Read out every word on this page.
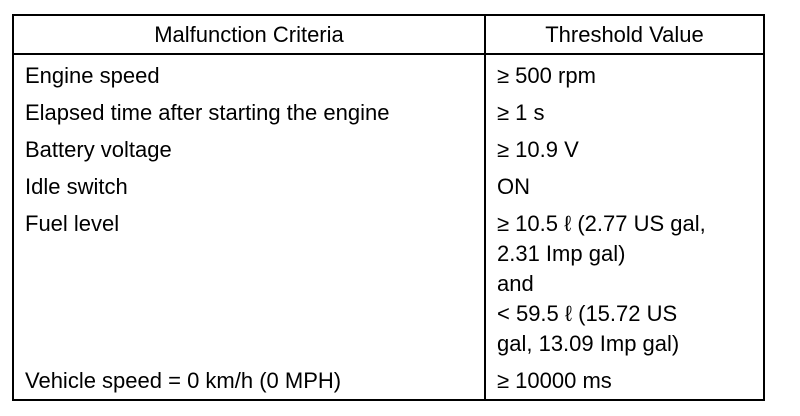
Malfunction Criteria	Threshold Value
Engine speed	≥ 500 rpm

Elapsed time after starting the engine	≥ 1 s

Battery voltage	≥ 10.9 V

Idle switch	ON

Fuel level	≥ 10.5 ℓ (2.77 US gal,
2.31 Imp gal)
and
< 59.5 ℓ (15.72 US
gal, 13.09 Imp gal)

Vehicle speed = 0 km/h (0 MPH)	≥ 10000 ms
